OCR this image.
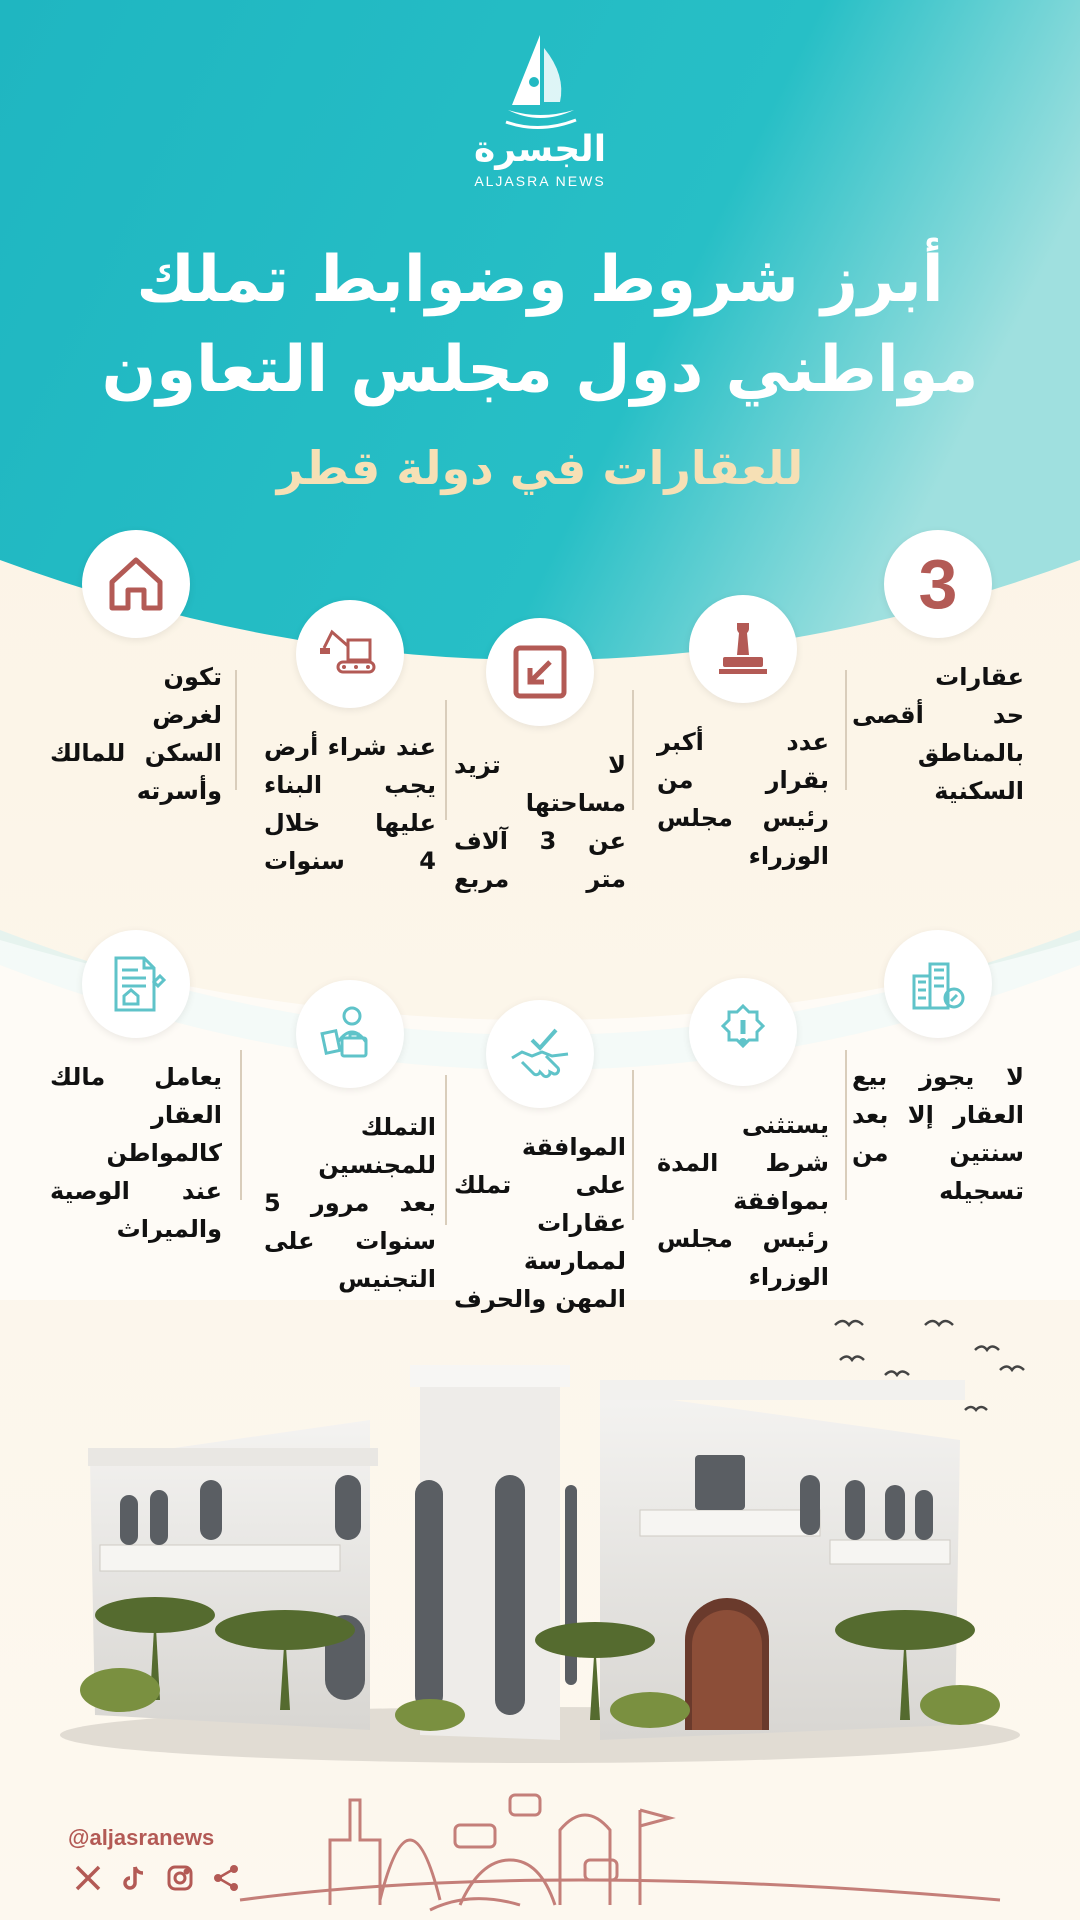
الجسرة
ALJASRA NEWS
أبرز شروط وضوابط تملك
مواطني دول مجلس التعاون
للعقارات في دولة قطر
3
عقارات
حد أقصى
بالمناطق
السكنية
عدد أكبر
بقرار من
رئيس مجلس
الوزراء
لا تزيد
مساحتها
عن 3 آلاف
متر مربع
عند شراء أرض
يجب البناء
عليها خلال
4 سنوات
تكون
لغرض
السكن للمالك
وأسرته
لا يجوز بيع
العقار إلا بعد
سنتين من
تسجيله
يستثنى
شرط المدة
بموافقة
رئيس مجلس
الوزراء
الموافقة
على تملك
عقارات
لممارسة
المهن والحرف
التملك
للمجنسين
بعد مرور 5
سنوات على
التجنيس
يعامل مالك
العقار
كالمواطن
عند الوصية
والميراث
@aljasranews
